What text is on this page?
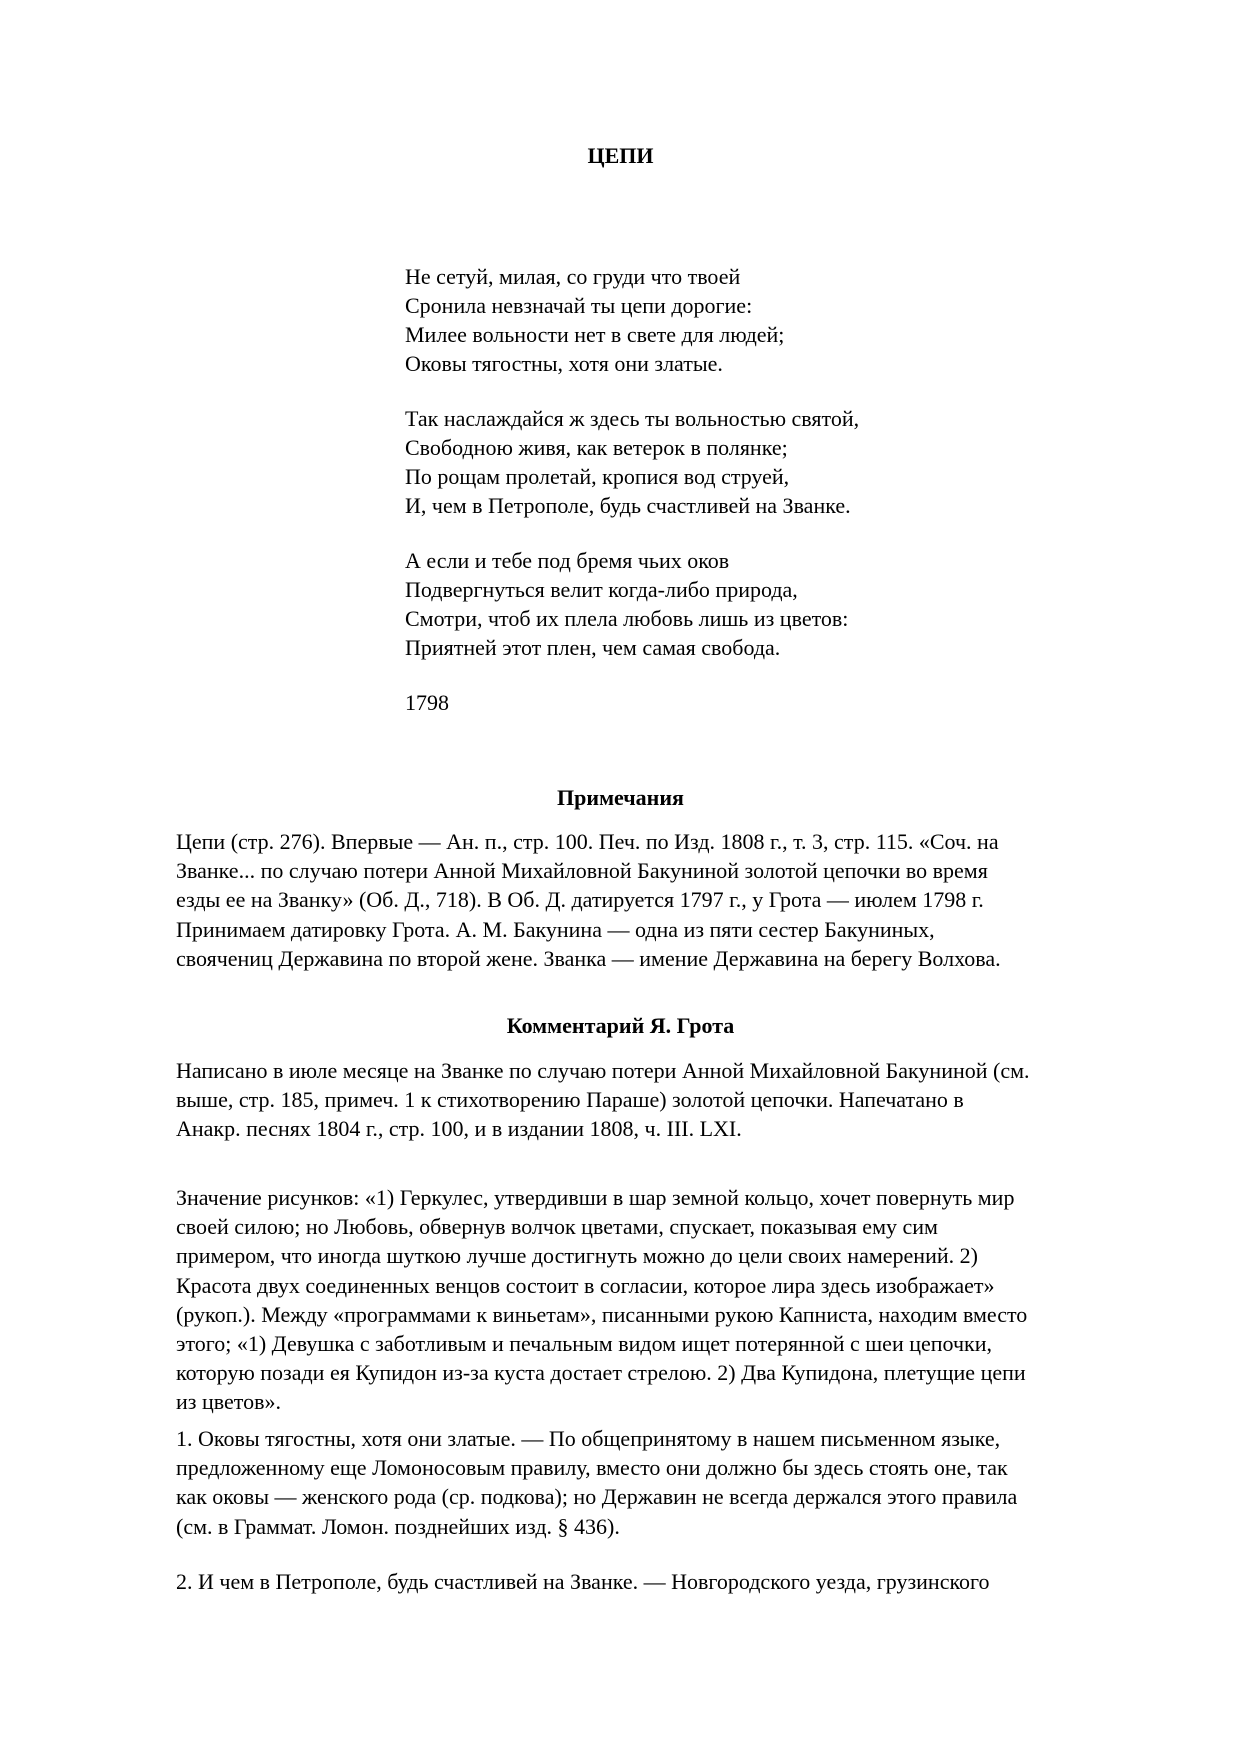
ЦЕПИ
Не сетуй, милая, со груди что твоей
Сронила невзначай ты цепи дорогие:
Милее вольности нет в свете для людей;
Оковы тягостны, хотя они златые.
Так наслаждайся ж здесь ты вольностью святой,
Свободною живя, как ветерок в полянке;
По рощам пролетай, кропися вод струей,
И, чем в Петрополе, будь счастливей на Званке.
А если и тебе под бремя чьих оков
Подвергнуться велит когда-либо природа,
Смотри, чтоб их плела любовь лишь из цветов:
Приятней этот плен, чем самая свобода.
1798
Примечания
Цепи (стр. 276). Впервые — Ан. п., стр. 100. Печ. по Изд. 1808 г., т. 3, стр. 115. «Соч. на
Званке... по случаю потери Анной Михайловной Бакуниной золотой цепочки во время
езды ее на Званку» (Об. Д., 718). В Об. Д. датируется 1797 г., у Грота — июлем 1798 г.
Принимаем датировку Грота. А. М. Бакунина — одна из пяти сестер Бакуниных,
своячениц Державина по второй жене. Званка — имение Державина на берегу Волхова.
Комментарий Я. Грота
Написано в июле месяце на Званке по случаю потери Анной Михайловной Бакуниной (см.
выше, стр. 185, примеч. 1 к стихотворению Параше) золотой цепочки. Напечатано в
Анакр. песнях 1804 г., стр. 100, и в издании 1808, ч. III. LXI.
Значение рисунков: «1) Геркулес, утвердивши в шар земной кольцо, хочет повернуть мир
своей силою; но Любовь, обвернув волчок цветами, спускает, показывая ему сим
примером, что иногда шуткою лучше достигнуть можно до цели своих намерений. 2)
Красота двух соединенных венцов состоит в согласии, которое лира здесь изображает»
(рукоп.). Между «программами к виньетам», писанными рукою Капниста, находим вместо
этого; «1) Девушка с заботливым и печальным видом ищет потерянной с шеи цепочки,
которую позади ея Купидон из-за куста достает стрелою. 2) Два Купидона, плетущие цепи
из цветов».
1. Оковы тягостны, хотя они златые. — По общепринятому в нашем письменном языке,
предложенному еще Ломоносовым правилу, вместо они должно бы здесь стоять оне, так
как оковы — женского рода (ср. подкова); но Державин не всегда держался этого правила
(см. в Граммат. Ломон. позднейших изд. § 436).
2. И чем в Петрополе, будь счастливей на Званке. — Новгородского уезда, грузинского
